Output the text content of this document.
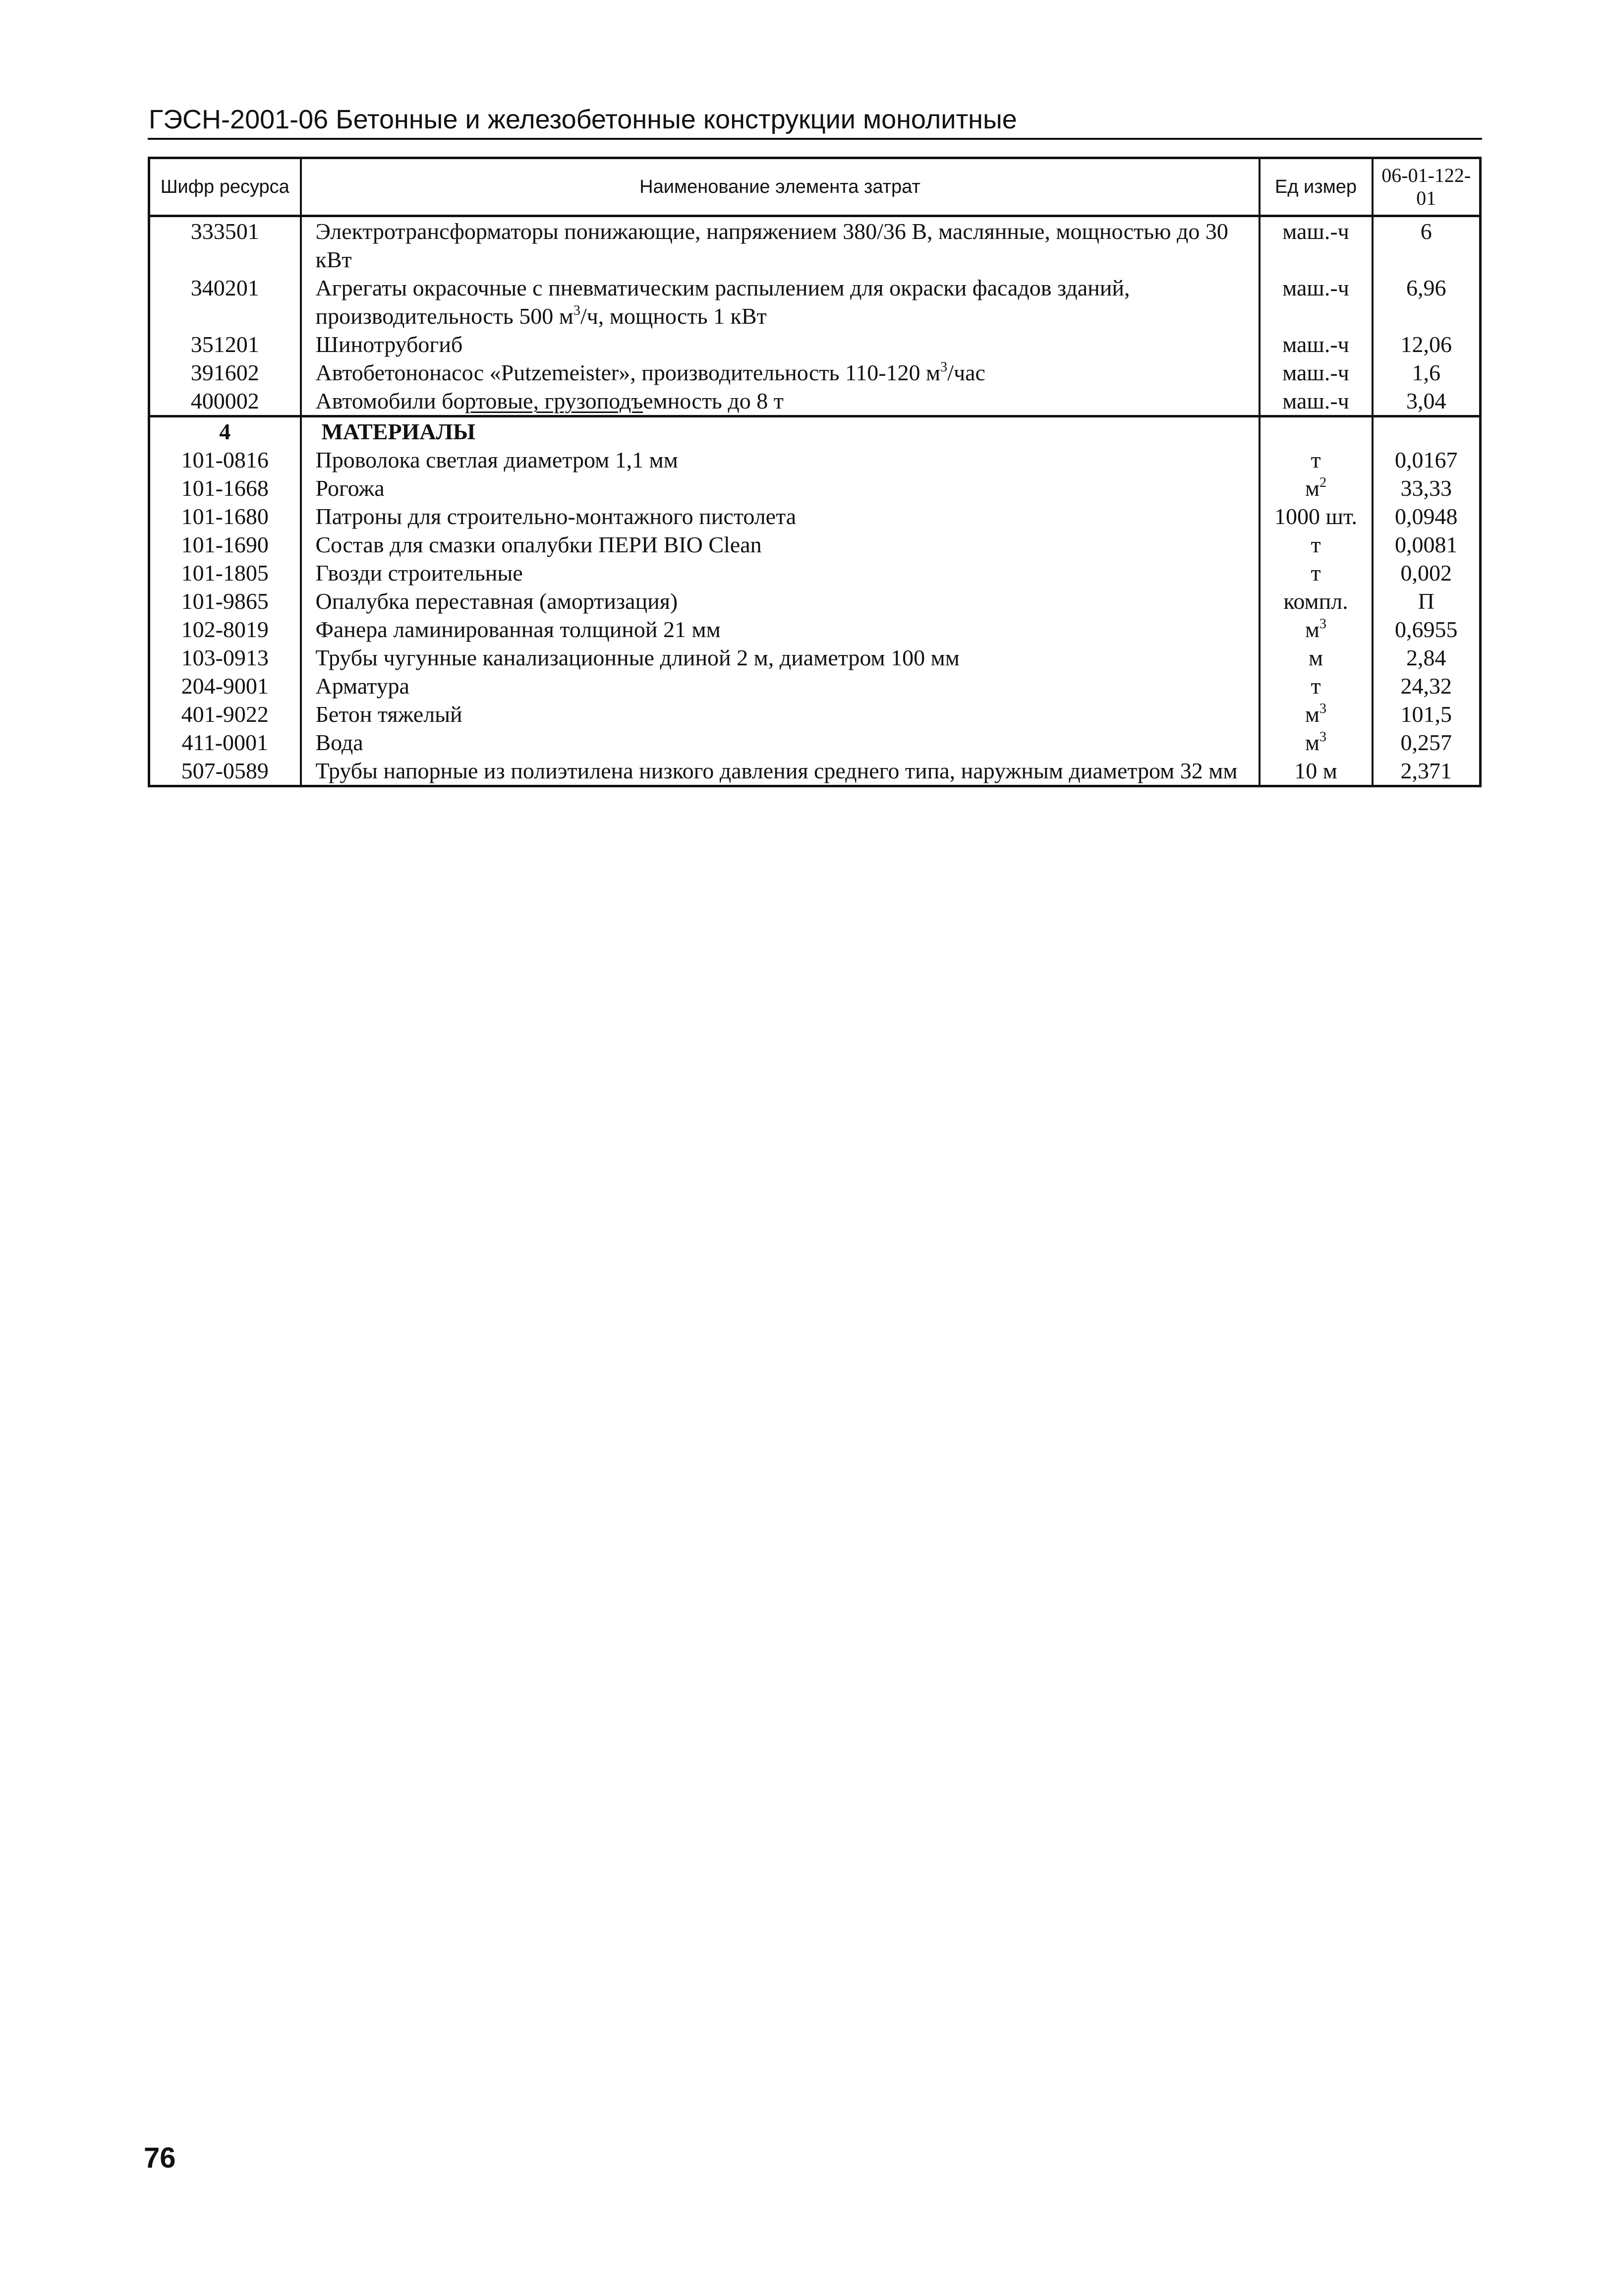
ГЭСН-2001-06 Бетонные и железобетонные конструкции монолитные
Шифр ресурса	Наименование элемента затрат	Ед измер	06-01-122-01
333501	Электротрансформаторы понижающие, напряжением 380/36 В, маслянные, мощностью до 30 кВт	маш.-ч	6
340201	Агрегаты окрасочные с пневматическим распылением для окраски фасадов зданий, производительность 500 $м^3/ч$, мощность 1 кВт	маш.-ч	6,96
351201	Шинотрубогиб	маш.-ч	12,06
391602	Автобетононасос «Putzemeister», производительность 110-120 $м^3$/час	маш.-ч	1,6
400002	Автомобили бортовые, грузоподъемность до 8 т	маш.-ч	3,04
4	МАТЕРИАЛЫ		
101-0816	Проволока светлая диаметром 1,1 мм	т	0,0167
101-1668	Рогожа	$м^2$	33,33
101-1680	Патроны для строительно-монтажного пистолета	1000 шт.	0,0948
101-1690	Состав для смазки опалубки ПЕРИ BIO Clean	т	0,0081
101-1805	Гвозди строительные	т	0,002
101-9865	Опалубка переставная (амортизация)	компл.	П
102-8019	Фанера ламинированная толщиной 21 мм	$м^3$	0,6955
103-0913	Трубы чугунные канализационные длиной 2 м, диаметром 100 мм	м	2,84
204-9001	Арматура	т	24,32
401-9022	Бетон тяжелый	$м^3$	101,5
411-0001	Вода	$м^3$	0,257
507-0589	Трубы напорные из полиэтилена низкого давления среднего типа, наружным диаметром 32 мм	10 м	2,371
76
